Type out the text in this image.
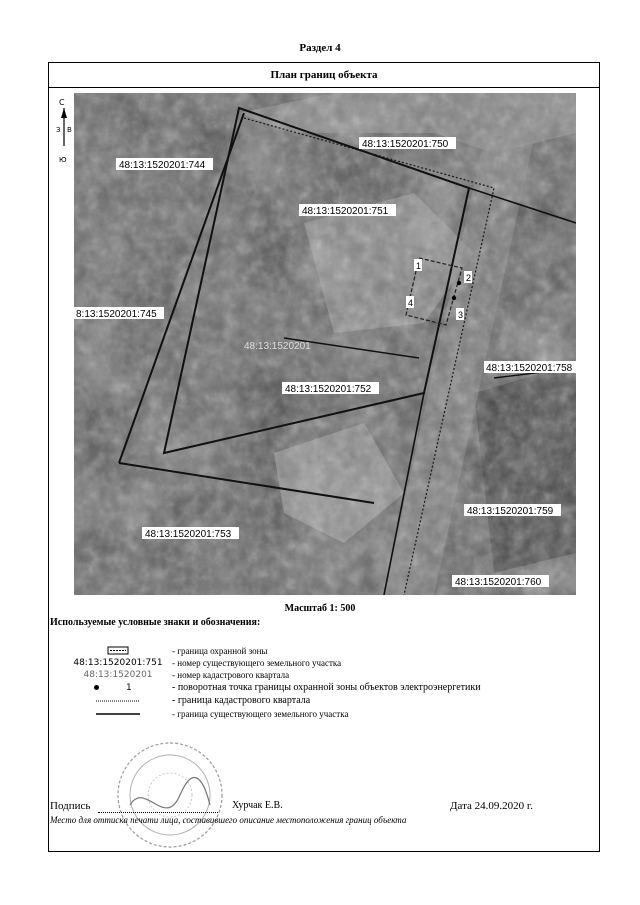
Раздел 4
План границ объекта
С
З В
Ю
48:13:1520201:750
48:13:1520201:744
48:13:1520201:751
8:13:1520201:745
48:13:1520201:752
48:13:1520201:758
48:13:1520201:759
48:13:1520201:753
48:13:1520201:760
48:13:1520201
1
2
3
4
Масштаб 1: 500
Используемые условные знаки и обозначения:
- граница охранной зоны
48:13:1520201:751	- номер существующего земельного участка
48:13:1520201	- номер кадастрового квартала
1	- поворотная точка границы охранной зоны объектов электроэнергетики
- граница кадастрового квартала
- граница существующего земельного участка
Подпись	Хурчак Е.В.	Дата 24.09.2020 г.
Место для оттиска печати лица, составившего описание местоположения границ объекта
